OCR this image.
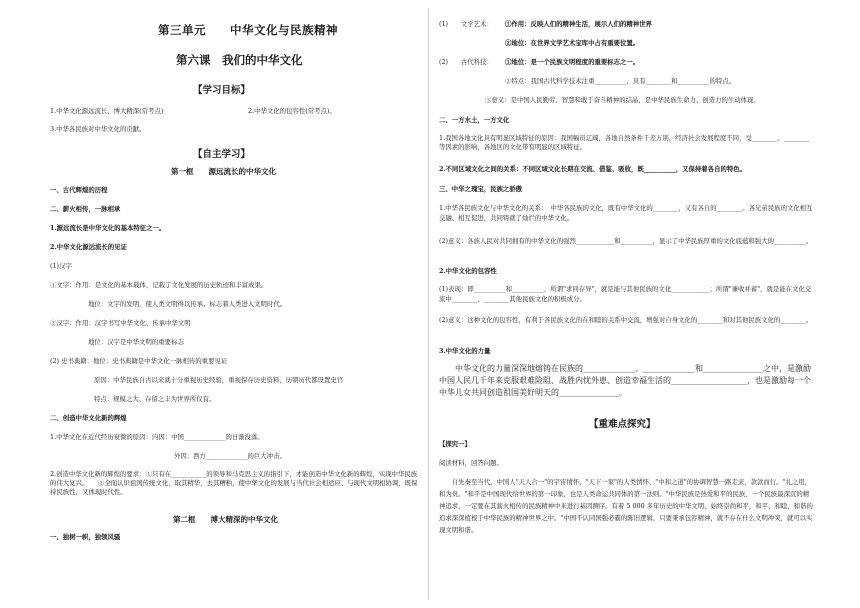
第三单元　　中华文化与民族精神
第六课　我们的中华文化
【学习目标】
1.中华文化源远流长、博大精深(常考点)	2.中华文化的包容性(常考点)。
3.中华各民族对中华文化的贡献。
【自主学习】
第一框　　源远流长的中华文化
一、古代辉煌的历程
二、薪火相传，一脉相承
1.源远流长是中华文化的基本特征之一。
2.中华文化源远流长的见证
(1)汉字
①文字：作用：是文化的基本载体，记载了文化发展的历史轨迹和丰富成果。
地位：文字的发明，使人类文明得以传承。标志着人类进入文明时代。
②汉字：作用：汉字书写中华文化、传承中华文明
地位：汉字是中华文明的重要标志
(2) 史书典籍：地位：史书典籍是中华文化一脉相传的重要见证
原因：中华民族自古以来就十分重视历史经验，重视保存历史资料，历朝历代都设置史官
特点：规模之大、存留之丰为世界所仅有。
二、创造中华文化新的辉煌
1.中华文化在近代经历衰微的原因：内因：中国_____________的日渐没落。
外因：西方_____________的巨大冲击。
2.创造中华文化新的辉煌的要求：①只有在___________的领导和马克思主义的指引下，才能创造中华文化新的辉煌，实现中华民族的伟大复兴。　　②全面认识祖国传统文化，取其精华，去其糟粕，使中华文化的发展与当代社会相适应、与现代文明相协调，既保持民族性，又体现时代性。
第二框　　博大精深的中华文化
一、独树一帜，独领风骚
(1)　　文学艺术： ①作用：反映人们的精神生活，展示人们的精神世界
②地位：在世界文学艺术宝库中占有重要位置。
(2)　　古代科技： ①地位：是一个民族文明程度的重要标志之一。
②特点：我国古代科学技术注重__________，具有________和__________的特点。
③意义：是中国人民勤劳、智慧和敢于奋斗精神的结晶，是中华民族生命力、创造力的生动体现。
二、一方水土，一方文化
1.我国各地文化具有明显区域特征的原因：我国幅员辽阔，各地自然条件千差万别，经济社会发展程度不同，受________、________等因素的影响，各地区的文化带有明显的区域特征。
2.不同区域文化之间的关系：不同区域文化长期在交流、借鉴、吸收，既__________，又保持着各自的特色。
三、中华之瑰宝，民族之骄傲
1.中华各民族文化与中华文化的关系：　中华各民族的文化，既有中华文化的________，又有各自的________。各兄弟民族的文化相互交融、相互促进，共同铸就了灿烂的中华文化。
(2)意义：各族人民对共同拥有的中华文化的强烈____________和__________，显示了中华民族厚重的文化底蕴和强大的__________。
2.中华文化的包容性
(1)表现：即__________和__________，所谓"求同存异"，就是能与其他民族的文化____________；所谓"兼收并蓄"，就是能在文化交流中________、________其他民族文化的积极成分。
(2)意义：这种文化的包容性，有利于各民族文化的在和睦的关系中交流，增强对自身文化的________和对其他民族文化的________。
3.中华文化的力量
中华文化的力量深深地熔铸在民族的_____________、_____________和_______________之中，是激励中国人民几千年来克服艰难险阻、战胜内忧外患、创造幸福生活的___________________，也是激励每一个中华儿女共同创造祖国美好明天的_______________。
【重难点探究】
【探究一】
阅读材料，回答问题。
自先秦至当代，中国人"天人合一"的宇宙情怀、"天下一家"的人类情怀、"中和之道"的协调智慧一路走来，款款而行。"礼之用，和为贵。"和平是中国现代给世界的第一印象，也是人类命运共同体的第一法则。"中华民族是热爱和平的民族，一个民族最深沉的精神追求，一定要在其薪火相传的民族精神中来进行基因测序。有着 5 000 多年历史的中华文明，始终崇尚和平，和平、和睦、和谐的追求深深植根于中华民族的精神世界之中。"中国不认同国强必霸的陈旧逻辑，只要秉承包容精神，就不存在什么文明冲突，就可以实现文明和谐。
